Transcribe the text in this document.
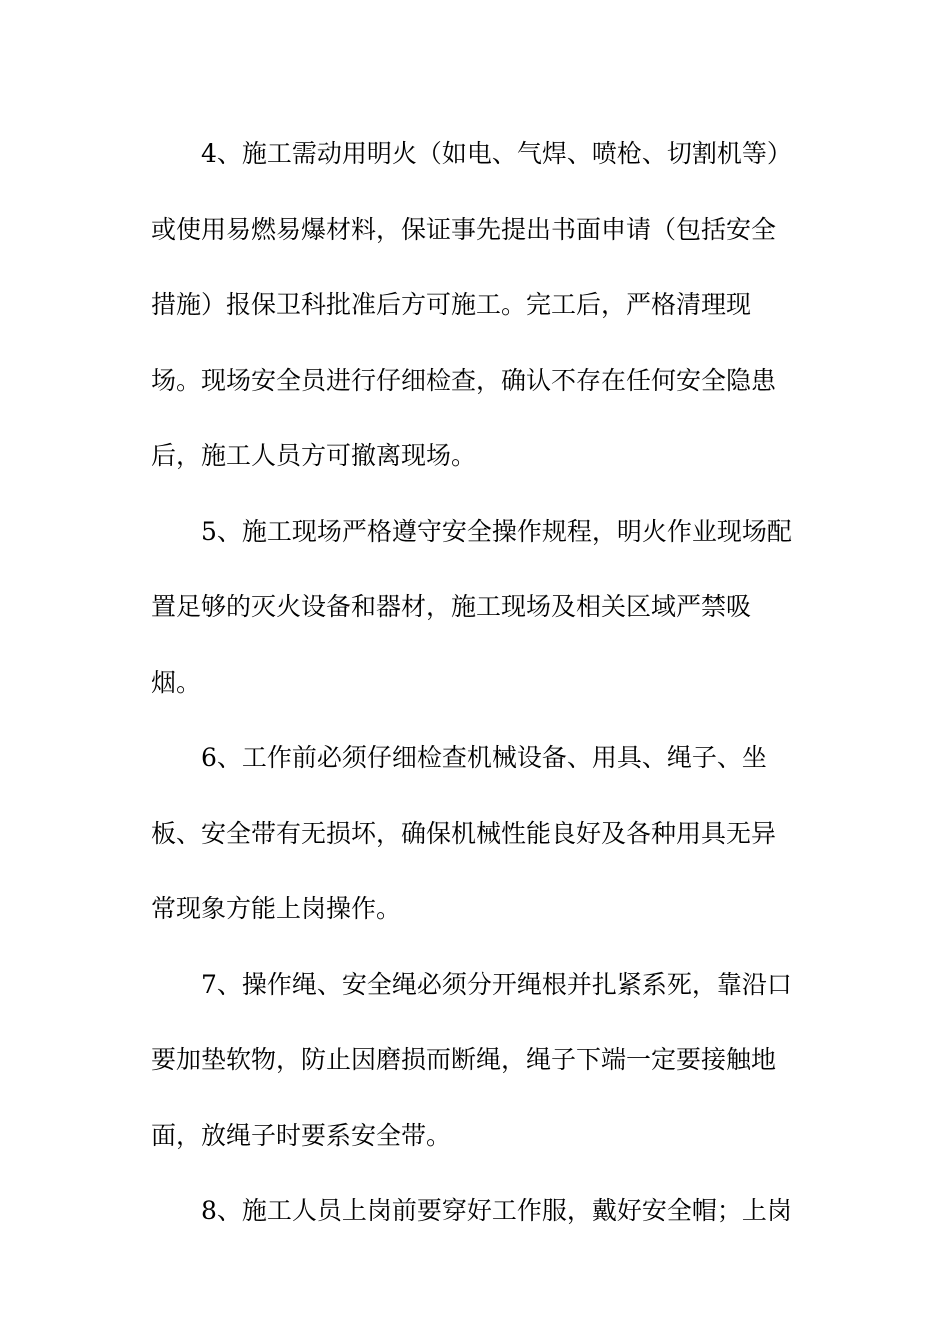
4、施工需动用明火（如电、气焊、喷枪、切割机等）
或使用易燃易爆材料，保证事先提出书面申请（包括安全
措施）报保卫科批准后方可施工。完工后，严格清理现
场。现场安全员进行仔细检查，确认不存在任何安全隐患
后，施工人员方可撤离现场。
5、施工现场严格遵守安全操作规程，明火作业现场配
置足够的灭火设备和器材，施工现场及相关区域严禁吸
烟。
6、工作前必须仔细检查机械设备、用具、绳子、坐
板、安全带有无损坏，确保机械性能良好及各种用具无异
常现象方能上岗操作。
7、操作绳、安全绳必须分开绳根并扎紧系死，靠沿口
要加垫软物，防止因磨损而断绳，绳子下端一定要接触地
面，放绳子时要系安全带。
8、施工人员上岗前要穿好工作服，戴好安全帽；上岗
